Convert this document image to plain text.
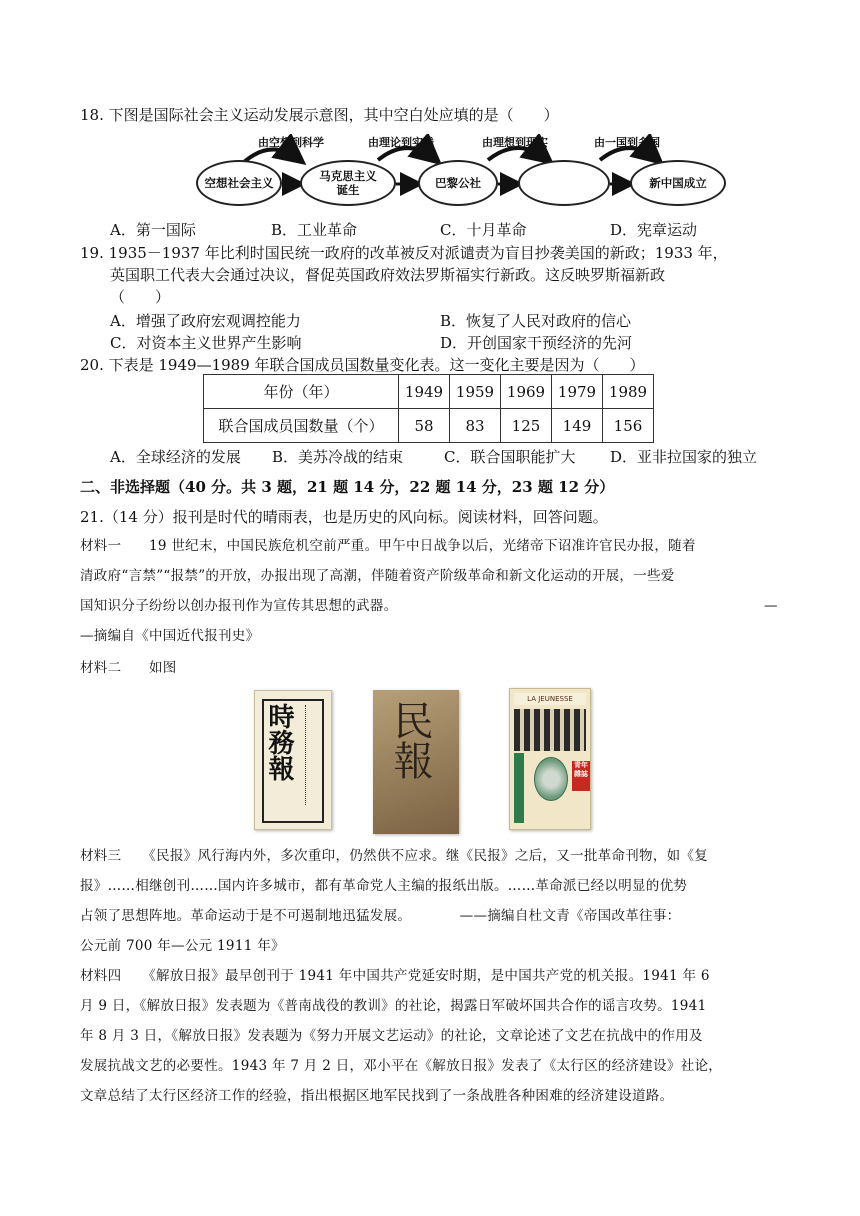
18. 下图是国际社会主义运动发展示意图，其中空白处应填的是（　　）
由空想到科学	由理论到实践	由理想到现实	由一国到多国
空想社会主义	马克思主义
诞生	巴黎公社	新中国成立
A．第一国际	B．工业革命	C．十月革命	D．宪章运动
19. 1935－1937 年比利时国民统一政府的改革被反对派谴责为盲目抄袭美国的新政；1933 年，
英国职工代表大会通过决议，督促英国政府效法罗斯福实行新政。这反映罗斯福新政
（　　）
A．增强了政府宏观调控能力	B．恢复了人民对政府的信心
C．对资本主义世界产生影响	D．开创国家干预经济的先河
20. 下表是 1949—1989 年联合国成员国数量变化表。这一变化主要是因为（　　）
年份（年）	1949	1959	1969	1979	1989
联合国成员国数量（个）	58	83	125	149	156
A．全球经济的发展 B．美苏冷战的结束	C．联合国职能扩大 D．亚非拉国家的独立
二、非选择题（40 分。共 3 题，21 题 14 分，22 题 14 分，23 题 12 分）
21.（14 分）报刊是时代的晴雨表，也是历史的风向标。阅读材料，回答问题。
材料一　　19 世纪末，中国民族危机空前严重。甲午中日战争以后，光绪帝下诏准许官民办报，随着
清政府“言禁”“报禁”的开放，办报出现了高潮，伴随着资产阶级革命和新文化运动的开展，一些爱
国知识分子纷纷以创办报刊作为宣传其思想的武器。	—
—摘编自《中国近代报刊史》
材料二　　如图
時務報 民報
LA JEUNESSE
青年雜誌
材料三　　《民报》风行海内外，多次重印，仍然供不应求。继《民报》之后，又一批革命刊物，如《复
报》……相继创刊……国内许多城市，都有革命党人主编的报纸出版。……革命派已经以明显的优势
占领了思想阵地。革命运动于是不可遏制地迅猛发展。　　　　——摘编自杜文青《帝国改革往事：
公元前 700 年—公元 1911 年》
材料四　　《解放日报》最早创刊于 1941 年中国共产党延安时期，是中国共产党的机关报。1941 年 6
月 9 日，《解放日报》发表题为《普南战役的教训》的社论，揭露日军破坏国共合作的谣言攻势。1941
年 8 月 3 日，《解放日报》发表题为《努力开展文艺运动》的社论，文章论述了文艺在抗战中的作用及
发展抗战文艺的必要性。1943 年 7 月 2 日，邓小平在《解放日报》发表了《太行区的经济建设》社论，
文章总结了太行区经济工作的经验，指出根据区地军民找到了一条战胜各种困难的经济建设道路。
